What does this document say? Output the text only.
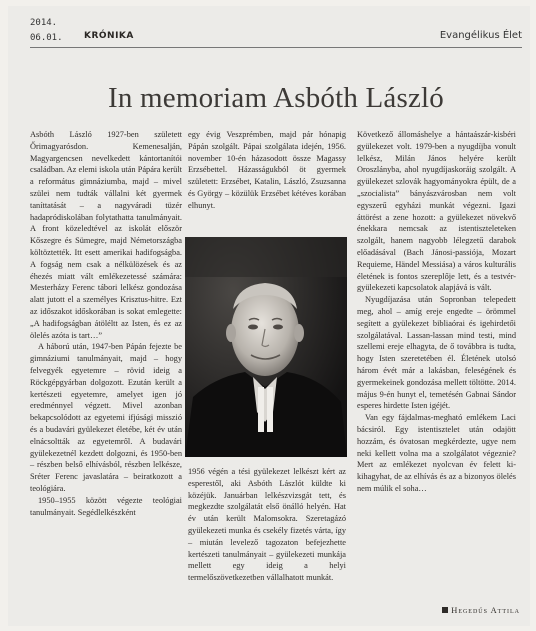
2014.
06.01. KRÓNIKA	Evangélikus Élet
In memoriam Asbóth László

Asbóth László 1927-ben született Őrimagyarósdon. Kemenesalján, Magyargencsen nevelkedett kántortanítói családban. Az elemi iskola után Pápára került a református gimnáziumba, majd – mivel szülei nem tudták vállalni két gyermek taníttatását – a nagyváradi tüzér hadapródiskolában folytathatta tanulmányait. A front közeledtével az iskolát először Kőszegre és Sümegre, majd Németországba költöztették. Itt esett amerikai hadifogságba. A fogság nem csak a nélkülözések és az éhezés miatt vált emlékezetessé számára: Mesterházy Ferenc tábori lelkész gondozása alatt jutott el a személyes Krisztus-hitre. Ezt az időszakot időskorában is sokat emlegette: „A hadifogságban átöléltt az Isten, és ez az ölelés azóta is tart…”

A háború után, 1947-ben Pápán fejezte be gimnáziumi tanulmányait, majd – hogy felvegyék egyetemre – rövid ideig a Röckgépgyárban dolgozott. Ezután került a kertészeti egyetemre, amelyet igen jó eredménnyel végzett. Mivel azonban bekapcsolódott az egyetemi ifjúsági misszió és a budavári gyülekezet életébe, két év után elnácsoltták az egyetemről. A budavári gyülekezetnél kezdett dolgozni, és 1950-ben – részben belső elhívásból, részben lelkésze, Sréter Ferenc javaslatára – beiratkozott a teológiára.

1950–1955 között végezte teológiai tanulmányait. Segédlelkészként

egy évig Veszprémben, majd pár hónapig Pápán szolgált. Pápai szolgálata idején, 1956. november 10-én házasodott össze Magassy Erzsébettel. Házasságukból öt gyermek született: Erzsébet, Katalin, László, Zsuzsanna és György – közülük Erzsébet kétéves korában elhunyt.

1956 végén a tési gyülekezet lelkészt kért az esperestől, aki Asbóth Lászlót küldte ki közéjük. Januárban lelkészvizsgát tett, és megkezdte szolgálatát első önálló helyén. Hat év után került Malomsokra. Szeretagázó gyülekezeti munka és csekély fizetés várta, így – miután levelező tagozaton befejezhette kertészeti tanulmányait – gyülekezeti munkája mellett egy ideig a helyi termelőszövetkezetben vállalhatott munkát.

Következő állomáshelye a hántaászár-kisbéri gyülekezet volt. 1979-ben a nyugdíjba vonult lelkész, Milán János helyére került Oroszlányba, ahol nyugdíjaskoráig szolgált. A gyülekezet szlovák hagyományokra épült, de a „szocialista” bányászvárosban nem volt egyszerű egyházi munkát végezni. Igazi áttörést a zene hozott: a gyülekezet növekvő énekkara nemcsak az istentiszteleteken szolgált, hanem nagyobb lélegzetű darabok előadásával (Bach Jánosi-passiója, Mozart Requieme, Händel Messiása) a város kulturális életének is fontos szereplője lett, és a testvér-gyülekezeti kapcsolatok alapjává is vált.

Nyugdíjazása után Sopronban telepedett meg, ahol – amíg ereje engedte – örömmel segített a gyülekezet bibliaórai és igehirdetői szolgálatával. Lassan-lassan mind testi, mind szellemi ereje elhagyta, de ő továbbra is tudta, hogy Isten szeretetében él. Életének utolsó három évét már a lakásban, feleségének és gyermekeinek gondozása mellett töltötte. 2014. május 9-én hunyt el, temetésén Gabnai Sándor esperes hirdette Isten igéjét.

Van egy fájdalmas-megható emlékem Laci bácsiról. Egy istentisztelet után odajött hozzám, és óvatosan megkérdezte, ugye nem neki kellett volna ma a szolgálatot végeznie? Mert az emlékezet nyolcvan év felett ki-kihagyhat, de az elhívás és az a bizonyos ölelés nem múlik el soha…

Hegedűs Attila
